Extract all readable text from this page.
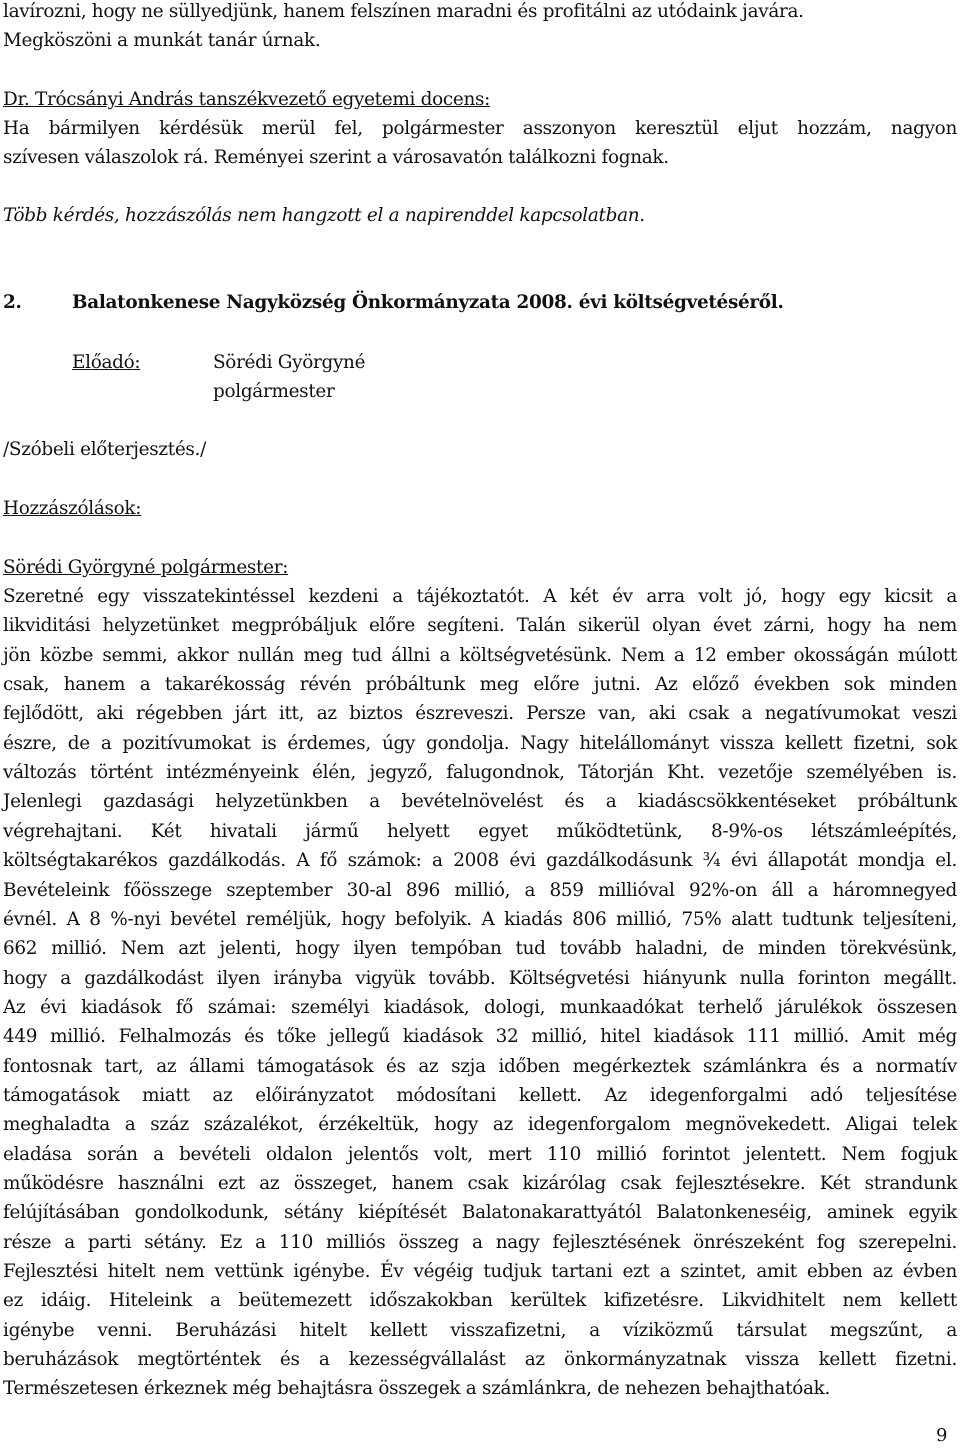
lavírozni, hogy ne süllyedjünk, hanem felszínen maradni és profitálni az utódaink javára.
Megköszöni a munkát tanár úrnak.
Dr. Trócsányi András tanszékvezető egyetemi docens:
Ha bármilyen kérdésük merül fel, polgármester asszonyon keresztül eljut hozzám, nagyon
szívesen válaszolok rá. Reményei szerint a városavatón találkozni fognak.
Több kérdés, hozzászólás nem hangzott el a napirenddel kapcsolatban.
2.	Balatonkenese Nagyközség Önkormányzata 2008. évi költségvetéséről.
Előadó:	Sörédi Györgyné
polgármester
/Szóbeli előterjesztés./
Hozzászólások:
Sörédi Györgyné polgármester:
Szeretné egy visszatekintéssel kezdeni a tájékoztatót. A két év arra volt jó, hogy egy kicsit a
likviditási helyzetünket megpróbáljuk előre segíteni. Talán sikerül olyan évet zárni, hogy ha nem
jön közbe semmi, akkor nullán meg tud állni a költségvetésünk. Nem a 12 ember okosságán múlott
csak, hanem a takarékosság révén próbáltunk meg előre jutni. Az előző években sok minden
fejlődött, aki régebben járt itt, az biztos észreveszi. Persze van, aki csak a negatívumokat veszi
észre, de a pozitívumokat is érdemes, úgy gondolja. Nagy hitelállományt vissza kellett fizetni, sok
változás történt intézményeink élén, jegyző, falugondnok, Tátorján Kht. vezetője személyében is.
Jelenlegi gazdasági helyzetünkben a bevételnövelést és a kiadáscsökkentéseket próbáltunk
végrehajtani. Két hivatali jármű helyett egyet működtetünk, 8-9%-os létszámleépítés,
költségtakarékos gazdálkodás. A fő számok: a 2008 évi gazdálkodásunk ¾ évi állapotát mondja el.
Bevételeink főösszege szeptember 30-al 896 millió, a 859 millióval 92%-on áll a háromnegyed
évnél. A 8 %-nyi bevétel reméljük, hogy befolyik. A kiadás 806 millió, 75% alatt tudtunk teljesíteni,
662 millió. Nem azt jelenti, hogy ilyen tempóban tud tovább haladni, de minden törekvésünk,
hogy a gazdálkodást ilyen irányba vigyük tovább. Költségvetési hiányunk nulla forinton megállt.
Az évi kiadások fő számai: személyi kiadások, dologi, munkaadókat terhelő járulékok összesen
449 millió. Felhalmozás és tőke jellegű kiadások 32 millió, hitel kiadások 111 millió. Amit még
fontosnak tart, az állami támogatások és az szja időben megérkeztek számlánkra és a normatív
támogatások miatt az előirányzatot módosítani kellett. Az idegenforgalmi adó teljesítése
meghaladta a száz százalékot, érzékeltük, hogy az idegenforgalom megnövekedett. Aligai telek
eladása során a bevételi oldalon jelentős volt, mert 110 millió forintot jelentett. Nem fogjuk
működésre használni ezt az összeget, hanem csak kizárólag csak fejlesztésekre. Két strandunk
felújításában gondolkodunk, sétány kiépítését Balatonakarattyától Balatonkeneséig, aminek egyik
része a parti sétány. Ez a 110 milliós összeg a nagy fejlesztésének önrészeként fog szerepelni.
Fejlesztési hitelt nem vettünk igénybe. Év végéig tudjuk tartani ezt a szintet, amit ebben az évben
ez idáig. Hiteleink a beütemezett időszakokban kerültek kifizetésre. Likvidhitelt nem kellett
igénybe venni. Beruházási hitelt kellett visszafizetni, a víziközmű társulat megszűnt, a
beruházások megtörténtek és a kezességvállalást az önkormányzatnak vissza kellett fizetni.
Természetesen érkeznek még behajtásra összegek a számlánkra, de nehezen behajthatóak.
9
